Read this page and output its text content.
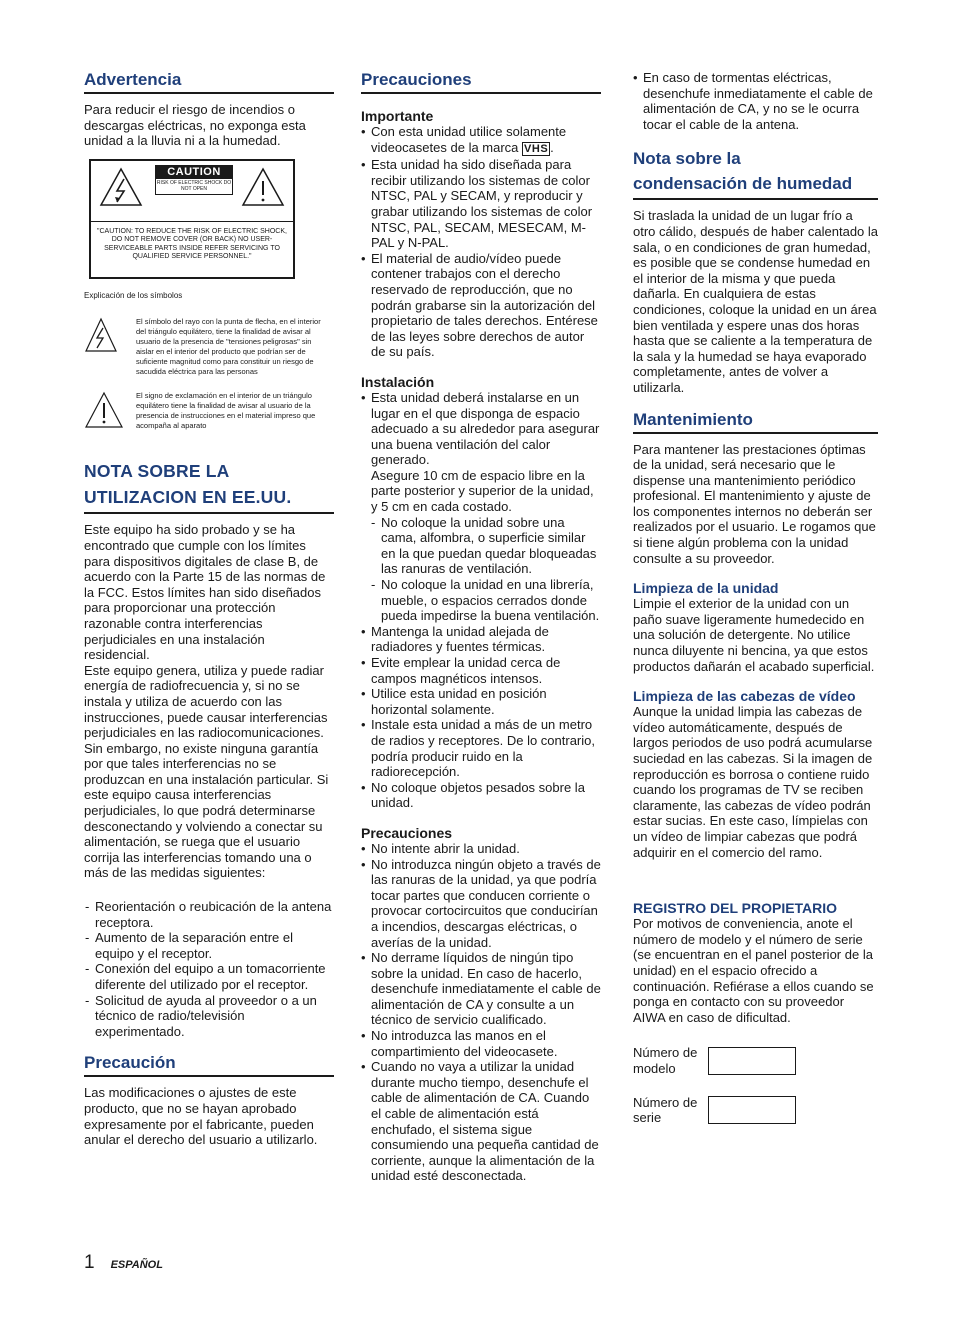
Advertencia

Para reducir el riesgo de incendios o descargas eléctricas, no exponga esta unidad a la lluvia ni a la humedad.

CAUTION
RISK OF ELECTRIC SHOCK DO NOT OPEN
"CAUTION: TO REDUCE THE RISK OF ELECTRIC SHOCK, DO NOT REMOVE COVER (OR BACK) NO USER-SERVICEABLE PARTS INSIDE REFER SERVICING TO QUALIFIED SERVICE PERSONNEL."

Explicación de los símbolos

El símbolo del rayo con la punta de flecha, en el interior del triángulo equilátero, tiene la finalidad de avisar al usuario de la presencia de "tensiones peligrosas" sin aislar en el interior del producto que podrían ser de suficiente magnitud como para constituir un riesgo de sacudida eléctrica para las personas

El signo de exclamación en el interior de un triángulo equilátero tiene la finalidad de avisar al usuario de la presencia de instrucciones en el material impreso que acompaña al aparato

NOTA SOBRE LA
UTILIZACION EN EE.UU.

Este equipo ha sido probado y se ha encontrado que cumple con los límites para dispositivos digitales de clase B, de acuerdo con la Parte 15 de las normas de la FCC. Estos límites han sido diseñados para proporcionar una protección razonable contra interferencias perjudiciales en una instalación residencial.

Este equipo genera, utiliza y puede radiar energía de radiofrecuencia y, si no se instala y utiliza de acuerdo con las instrucciones, puede causar interferencias perjudiciales en las radiocomunicaciones. Sin embargo, no existe ninguna garantía por que tales interferencias no se produzcan en una instalación particular. Si este equipo causa interferencias perjudiciales, lo que podrá determinarse desconectando y volviendo a conectar su alimentación, se ruega que el usuario corrija las interferencias tomando una o más de las medidas siguientes:

- Reorientación o reubicación de la antena receptora.
- Aumento de la separación entre el equipo y el receptor.
- Conexión del equipo a un tomacorriente diferente del utilizado por el receptor.
- Solicitud de ayuda al proveedor o a un técnico de radio/televisión experimentado.
Precaución

Las modificaciones o ajustes de este producto, que no se hayan aprobado expresamente por el fabricante, pueden anular el derecho del usuario a utilizarlo.

Precauciones
Importante
• Con esta unidad utilice solamente videocasetes de la marca VHS .
• Esta unidad ha sido diseñada para recibir utilizando los sistemas de color NTSC, PAL y SECAM, y reproducir y grabar utilizando los sistemas de color NTSC, PAL, SECAM, MESECAM, M-PAL y N-PAL.
• El material de audio/vídeo puede contener trabajos con el derecho reservado de reproducción, que no podrán grabarse sin la autorización del propietario de tales derechos. Entérese de las leyes sobre derechos de autor de su país.
Instalación
• Esta unidad deberá instalarse en un lugar en el que disponga de espacio adecuado a su alrededor para asegurar una buena ventilación del calor generado.
Asegure 10 cm de espacio libre en la parte posterior y superior de la unidad, y 5 cm en cada costado.
- No coloque la unidad sobre una cama, alfombra, o superficie similar en la que puedan quedar bloqueadas las ranuras de ventilación.
- No coloque la unidad en una librería, mueble, o espacios cerrados donde pueda impedirse la buena ventilación.
• Mantenga la unidad alejada de radiadores y fuentes térmicas.
• Evite emplear la unidad cerca de campos magnéticos intensos.
• Utilice esta unidad en posición horizontal solamente.
• Instale esta unidad a más de un metro de radios y receptores. De lo contrario, podría producir ruido en la radiorecepción.
• No coloque objetos pesados sobre la unidad.
Precauciones
• No intente abrir la unidad.
• No introduzca ningún objeto a través de las ranuras de la unidad, ya que podría tocar partes que conducen corriente o provocar cortocircuitos que conducirían a incendios, descargas eléctricas, o averías de la unidad.
• No derrame líquidos de ningún tipo sobre la unidad. En caso de hacerlo, desenchufe inmediatamente el cable de alimentación de CA y consulte a un técnico de servicio cualificado.
• No introduzca las manos en el compartimiento del videocasete.
• Cuando no vaya a utilizar la unidad durante mucho tiempo, desenchufe el cable de alimentación de CA. Cuando el cable de alimentación está enchufado, el sistema sigue consumiendo una pequeña cantidad de corriente, aunque la alimentación de la unidad esté desconectada.
• En caso de tormentas eléctricas, desenchufe inmediatamente el cable de alimentación de CA, y no se le ocurra tocar el cable de la antena.
Nota sobre la
condensación de humedad

Si traslada la unidad de un lugar frío a otro cálido, después de haber calentado la sala, o en condiciones de gran humedad, es posible que se condense humedad en el interior de la misma y que pueda dañarla. En cualquiera de estas condiciones, coloque la unidad en un área bien ventilada y espere unas dos horas hasta que se caliente a la temperatura de la sala y la humedad se haya evaporado completamente, antes de volver a utilizarla.

Mantenimiento

Para mantener las prestaciones óptimas de la unidad, será necesario que le dispense una mantenimiento periódico profesional. El mantenimiento y ajuste de los componentes internos no deberán ser realizados por el usuario. Le rogamos que si tiene algún problema con la unidad consulte a su proveedor.

Limpieza de la unidad

Limpie el exterior de la unidad con un paño suave ligeramente humedecido en una solución de detergente. No utilice nunca diluyente ni bencina, ya que estos productos dañarán el acabado superficial.

Limpieza de las cabezas de vídeo

Aunque la unidad limpia las cabezas de vídeo automáticamente, después de largos periodos de uso podrá acumularse suciedad en las cabezas. Si la imagen de reproducción es borrosa o contiene ruido cuando los programas de TV se reciben claramente, las cabezas de vídeo podrán estar sucias. En este caso, límpielas con un vídeo de limpiar cabezas que podrá adquirir en el comercio del ramo.

REGISTRO DEL PROPIETARIO

Por motivos de conveniencia, anote el número de modelo y el número de serie (se encuentran en el panel posterior de la unidad) en el espacio ofrecido a continuación. Refiérase a ellos cuando se ponga en contacto con su proveedor AIWA en caso de dificultad.

Número de modelo
Número de serie
1 ESPAÑOL
